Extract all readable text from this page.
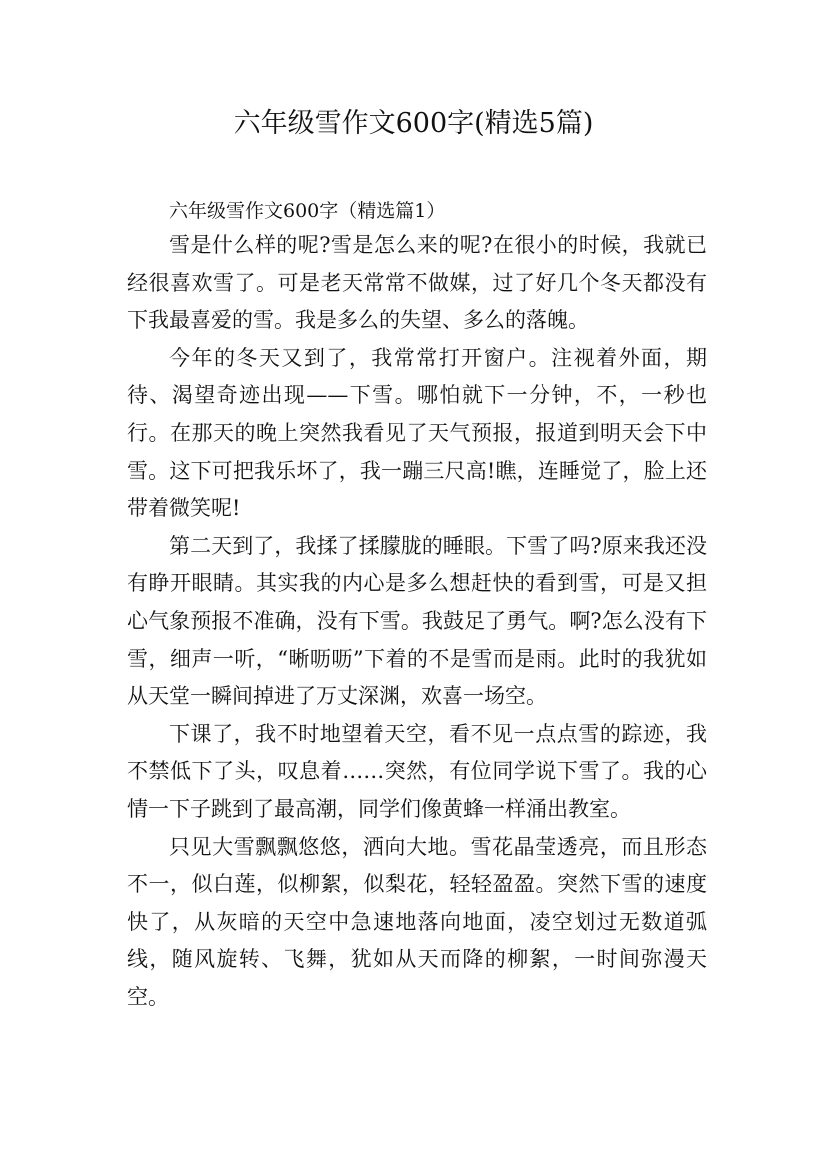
六年级雪作文600字(精选5篇)

六年级雪作文600字（精选篇1）

雪是什么样的呢?雪是怎么来的呢?在很小的时候，我就已经很喜欢雪了。可是老天常常不做媒，过了好几个冬天都没有下我最喜爱的雪。我是多么的失望、多么的落魄。

今年的冬天又到了，我常常打开窗户。注视着外面，期待、渴望奇迹出现——下雪。哪怕就下一分钟，不，一秒也行。在那天的晚上突然我看见了天气预报，报道到明天会下中雪。这下可把我乐坏了，我一蹦三尺高!瞧，连睡觉了，脸上还带着微笑呢!

第二天到了，我揉了揉朦胧的睡眼。下雪了吗?原来我还没有睁开眼睛。其实我的内心是多么想赶快的看到雪，可是又担心气象预报不准确，没有下雪。我鼓足了勇气。啊?怎么没有下雪，细声一听，“晰呖呖”下着的不是雪而是雨。此时的我犹如从天堂一瞬间掉进了万丈深渊，欢喜一场空。

下课了，我不时地望着天空，看不见一点点雪的踪迹，我不禁低下了头，叹息着……突然，有位同学说下雪了。我的心情一下子跳到了最高潮，同学们像黄蜂一样涌出教室。

只见大雪飘飘悠悠，洒向大地。雪花晶莹透亮，而且形态不一，似白莲，似柳絮，似梨花，轻轻盈盈。突然下雪的速度快了，从灰暗的天空中急速地落向地面，凌空划过无数道弧线，随风旋转、飞舞，犹如从天而降的柳絮，一时间弥漫天空。
